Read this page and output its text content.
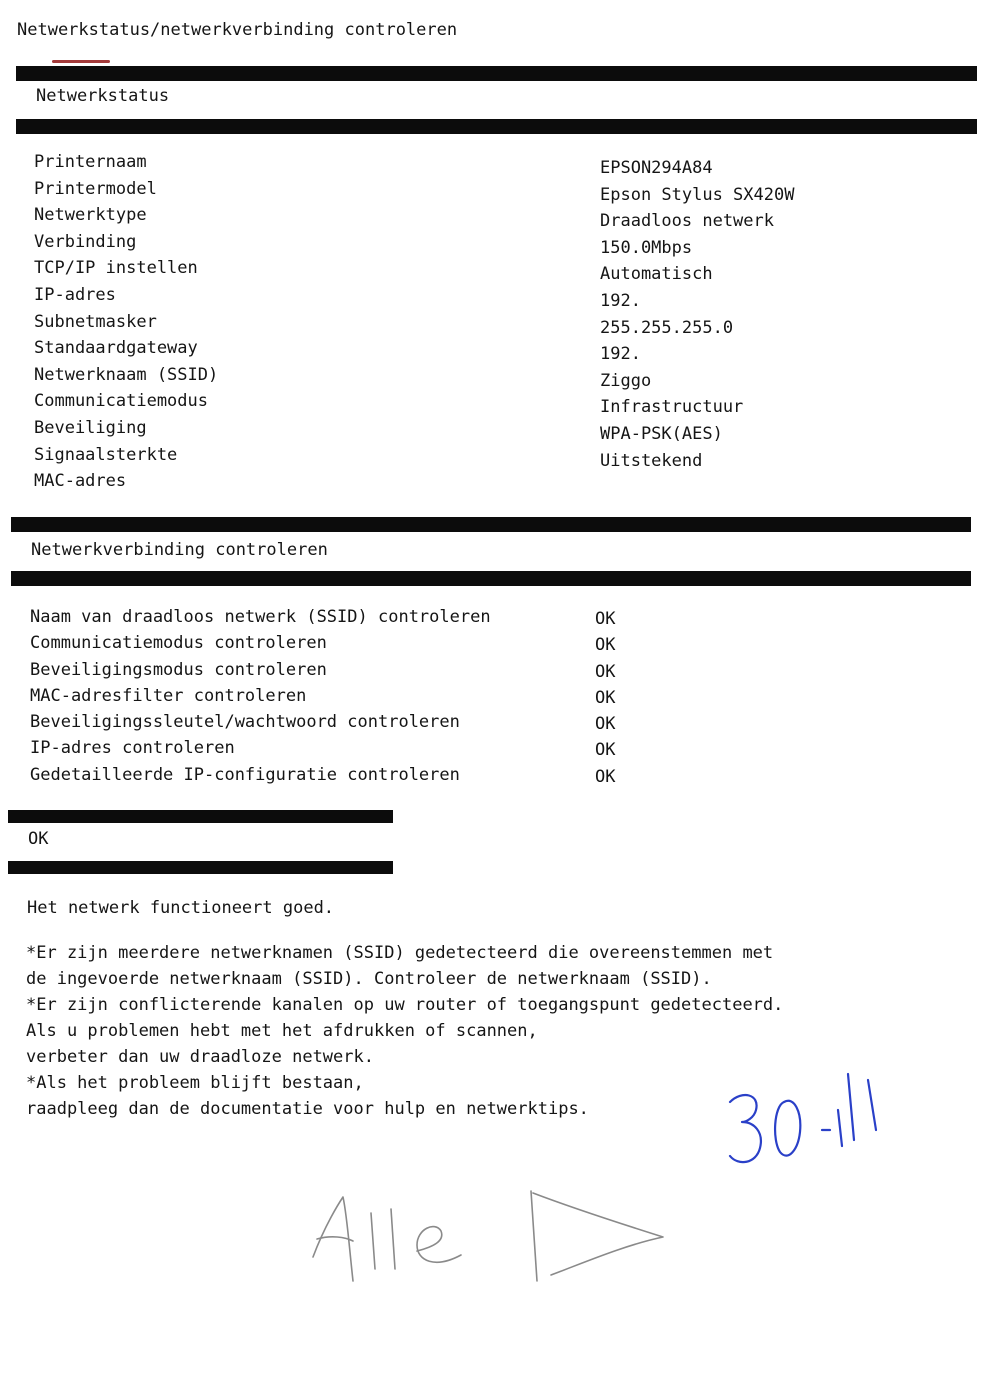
Netwerkstatus/netwerkverbinding controleren
Netwerkstatus
Printernaam
Printermodel
Netwerktype
Verbinding
TCP/IP instellen
IP-adres
Subnetmasker
Standaardgateway
Netwerknaam (SSID)
Communicatiemodus
Beveiliging
Signaalsterkte
MAC-adres
EPSON294A84
Epson Stylus SX420W
Draadloos netwerk
150.0Mbps
Automatisch
192.
255.255.255.0
192.
Ziggo
Infrastructuur
WPA-PSK(AES)
Uitstekend
Netwerkverbinding controleren
Naam van draadloos netwerk (SSID) controleren
Communicatiemodus controleren
Beveiligingsmodus controleren
MAC-adresfilter controleren
Beveiligingssleutel/wachtwoord controleren
IP-adres controleren
Gedetailleerde IP-configuratie controleren
OK
OK
OK
OK
OK
OK
OK
OK
Het netwerk functioneert goed.
*Er zijn meerdere netwerknamen (SSID) gedetecteerd die overeenstemmen met
de ingevoerde netwerknaam (SSID). Controleer de netwerknaam (SSID).
*Er zijn conflicterende kanalen op uw router of toegangspunt gedetecteerd.
Als u problemen hebt met het afdrukken of scannen,
verbeter dan uw draadloze netwerk.
*Als het probleem blijft bestaan,
raadpleeg dan de documentatie voor hulp en netwerktips.
